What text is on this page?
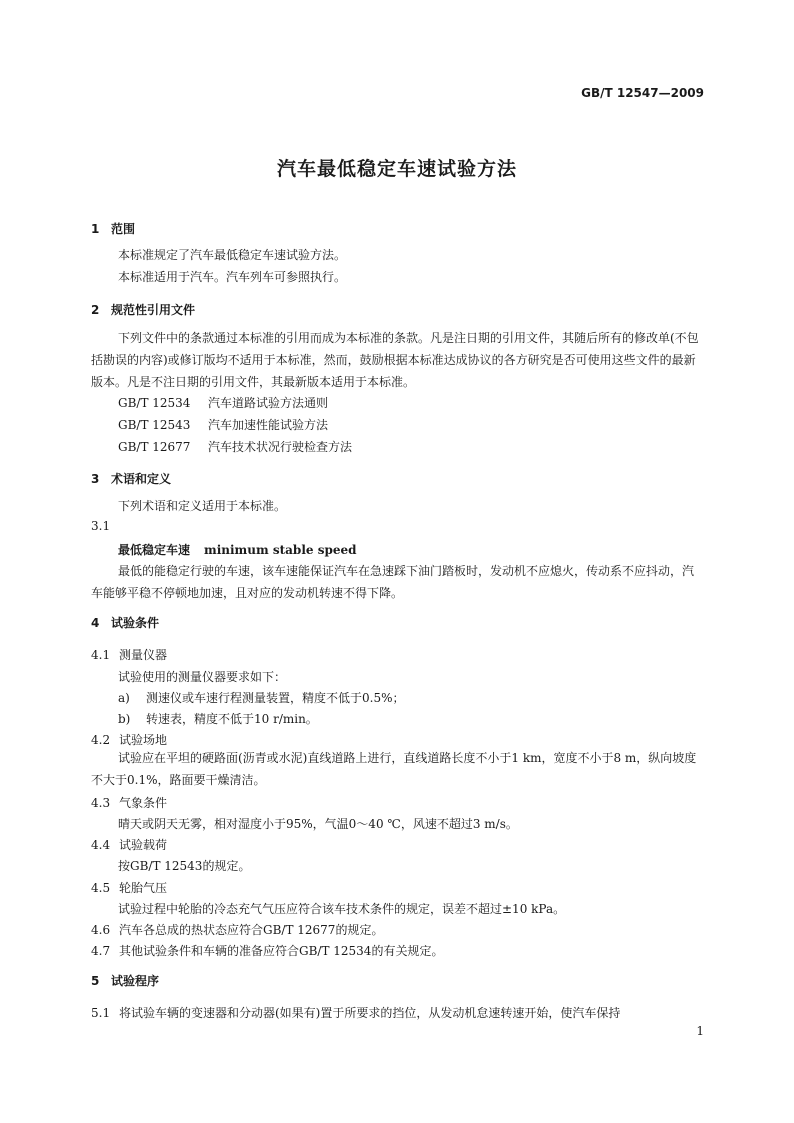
GB/T 12547—2009
汽车最低稳定车速试验方法
1 范围
本标准规定了汽车最低稳定车速试验方法。
本标准适用于汽车。汽车列车可参照执行。
2 规范性引用文件
下列文件中的条款通过本标准的引用而成为本标准的条款。凡是注日期的引用文件，其随后所有的修改单(不包括勘误的内容)或修订版均不适用于本标准，然而，鼓励根据本标准达成协议的各方研究是否可使用这些文件的最新版本。凡是不注日期的引用文件，其最新版本适用于本标准。
GB/T 12534 汽车道路试验方法通则
GB/T 12543 汽车加速性能试验方法
GB/T 12677 汽车技术状况行驶检查方法
3 术语和定义
下列术语和定义适用于本标准。
3.1
最低稳定车速 minimum stable speed
最低的能稳定行驶的车速，该车速能保证汽车在急速踩下油门踏板时，发动机不应熄火，传动系不应抖动，汽车能够平稳不停顿地加速，且对应的发动机转速不得下降。
4 试验条件
4.1 测量仪器
试验使用的测量仪器要求如下：
a) 测速仪或车速行程测量装置，精度不低于0.5%；
b) 转速表，精度不低于10 r/min。
4.2 试验场地
试验应在平坦的硬路面(沥青或水泥)直线道路上进行，直线道路长度不小于1 km，宽度不小于8 m，纵向坡度不大于0.1%，路面要干燥清洁。
4.3 气象条件
晴天或阴天无雾，相对湿度小于95%，气温0～40 ℃，风速不超过3 m/s。
4.4 试验载荷
按GB/T 12543的规定。
4.5 轮胎气压
试验过程中轮胎的冷态充气气压应符合该车技术条件的规定，误差不超过±10 kPa。
4.6 汽车各总成的热状态应符合GB/T 12677的规定。
4.7 其他试验条件和车辆的准备应符合GB/T 12534的有关规定。
5 试验程序
5.1 将试验车辆的变速器和分动器(如果有)置于所要求的挡位，从发动机怠速转速开始，使汽车保持
1
